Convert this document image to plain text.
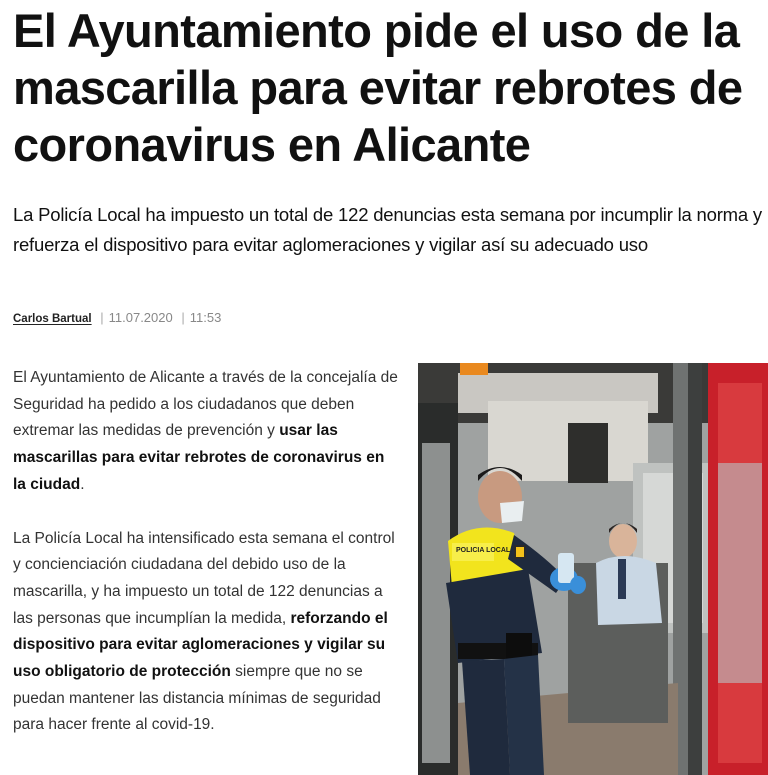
El Ayuntamiento pide el uso de la mascarilla para evitar rebrotes de coronavirus en Alicante

La Policía Local ha impuesto un total de 122 denuncias esta semana por incumplir la norma y refuerza el dispositivo para evitar aglomeraciones y vigilar así su adecuado uso

Carlos Bartual | 11.07.2020 | 11:53

El Ayuntamiento de Alicante a través de la concejalía de Seguridad ha pedido a los ciudadanos que deben extremar las medidas de prevención y usar las mascarillas para evitar rebrotes de coronavirus en la ciudad.

La Policía Local ha intensificado esta semana el control y concienciación ciudadana del debido uso de la mascarilla, y ha impuesto un total de 122 denuncias a las personas que incumplían la medida, reforzando el dispositivo para evitar aglomeraciones y vigilar su uso obligatorio de protección siempre que no se puedan mantener las distancia mínimas de seguridad para hacer frente al covid-19.

POLICIA LOCAL
